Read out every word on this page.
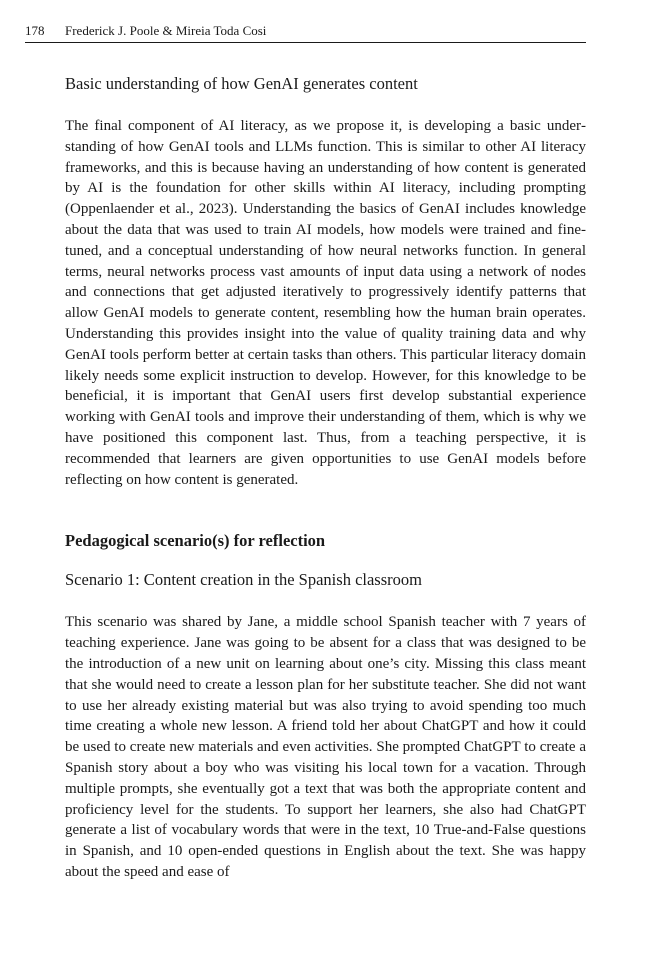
178 Frederick J. Poole & Mireia Toda Cosi
Basic understanding of how GenAI generates content

The final component of AI literacy, as we propose it, is developing a basic understanding of how GenAI tools and LLMs function. This is similar to other AI literacy frameworks, and this is because having an understanding of how content is generated by AI is the foundation for other skills within AI literacy, including prompting (Oppenlaender et al., 2023). Understanding the basics of GenAI includes knowledge about the data that was used to train AI models, how models were trained and fine-tuned, and a conceptual understanding of how neural networks function. In general terms, neural networks process vast amounts of input data using a network of nodes and connections that get adjusted iteratively to progressively identify patterns that allow GenAI models to generate content, resembling how the human brain operates. Understanding this provides insight into the value of quality training data and why GenAI tools perform better at certain tasks than others. This particular literacy domain likely needs some explicit instruction to develop. However, for this knowledge to be beneficial, it is important that GenAI users first develop substantial experience working with GenAI tools and improve their understanding of them, which is why we have positioned this component last. Thus, from a teaching perspective, it is recommended that learners are given opportunities to use GenAI models before reflecting on how content is generated.

Pedagogical scenario(s) for reflection
Scenario 1: Content creation in the Spanish classroom

This scenario was shared by Jane, a middle school Spanish teacher with 7 years of teaching experience. Jane was going to be absent for a class that was designed to be the introduction of a new unit on learning about one’s city. Missing this class meant that she would need to create a lesson plan for her substitute teacher. She did not want to use her already existing material but was also trying to avoid spending too much time creating a whole new lesson. A friend told her about ChatGPT and how it could be used to create new materials and even activities. She prompted ChatGPT to create a Spanish story about a boy who was visiting his local town for a vacation. Through multiple prompts, she eventually got a text that was both the appropriate content and proficiency level for the students. To support her learners, she also had ChatGPT generate a list of vocabulary words that were in the text, 10 True-and-False questions in Spanish, and 10 open-ended questions in English about the text. She was happy about the speed and ease of
